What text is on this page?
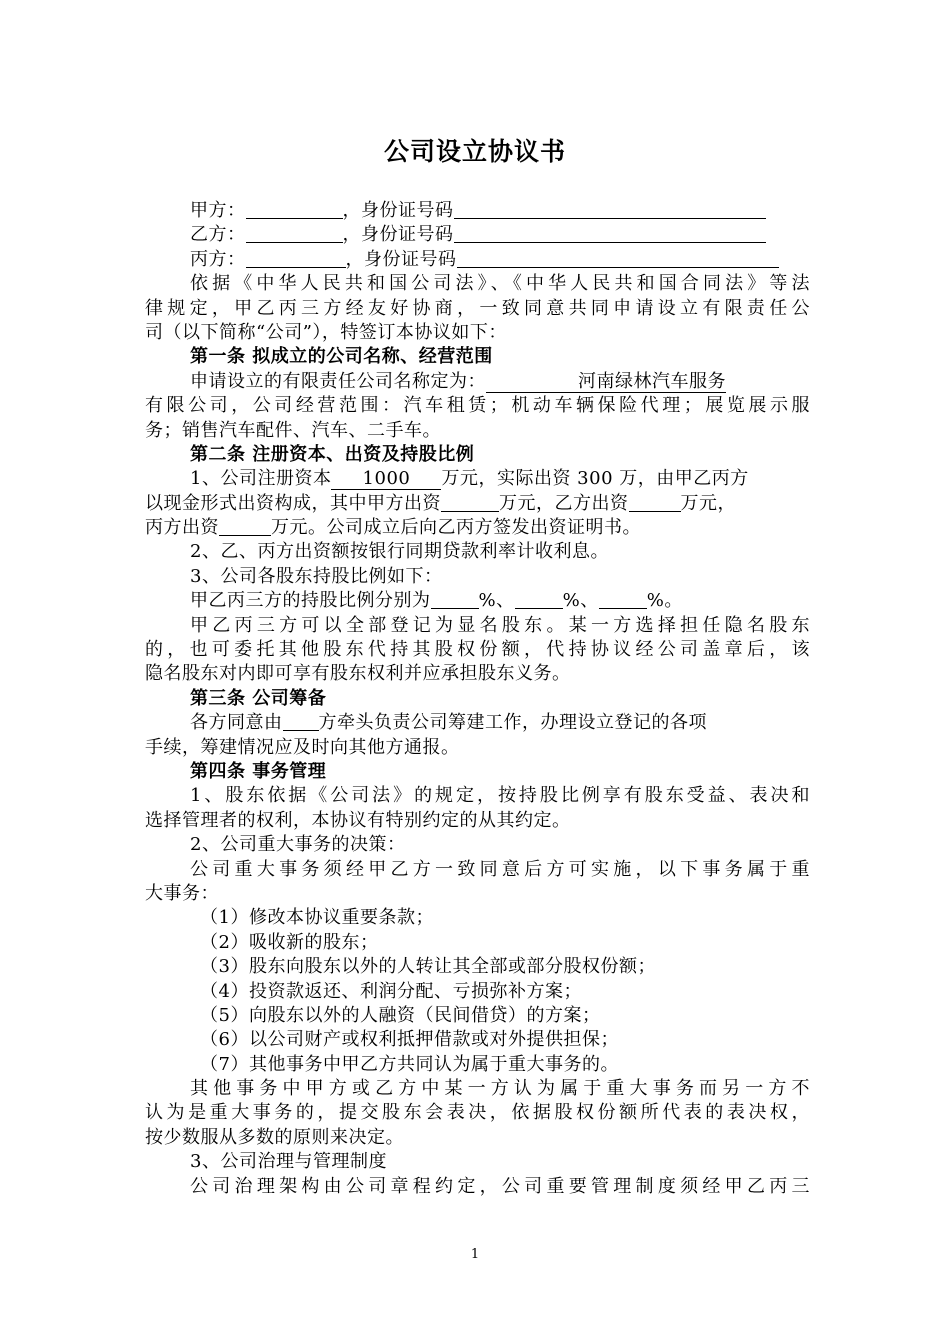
公司设立协议书
甲方：	，身份证号码
乙方：	，身份证号码
丙方：	，身份证号码
依据《中华人民共和国公司法》、《中华人民共和国合同法》等法
律规定，甲乙丙三方经友好协商，一致同意共同申请设立有限责任公
司（以下简称“公司”），特签订本协议如下：
第一条 拟成立的公司名称、经营范围
申请设立的有限责任公司名称定为：	河南绿林汽车服务
有限公司，公司经营范围：汽车租赁；机动车辆保险代理；展览展示服
务；销售汽车配件、汽车、二手车。
第二条 注册资本、出资及持股比例
1、公司注册资本 1000 万元，实际出资 300 万，由甲乙丙方
以现金形式出资构成，其中甲方出资	万元，乙方出资	万元，
丙方出资	万元。公司成立后向乙丙方签发出资证明书。
2、乙、丙方出资额按银行同期贷款利率计收利息。
3、公司各股东持股比例如下：
甲乙丙三方的持股比例分别为	%、	%、	%。
甲乙丙三方可以全部登记为显名股东。某一方选择担任隐名股东
的，也可委托其他股东代持其股权份额，代持协议经公司盖章后，该
隐名股东对内即可享有股东权利并应承担股东义务。
第三条 公司筹备
各方同意由 方牵头负责公司筹建工作，办理设立登记的各项
手续，筹建情况应及时向其他方通报。
第四条 事务管理
1、股东依据《公司法》的规定，按持股比例享有股东受益、表决和
选择管理者的权利，本协议有特别约定的从其约定。
2、公司重大事务的决策：
公司重大事务须经甲乙方一致同意后方可实施，以下事务属于重
大事务：
（1）修改本协议重要条款；
（2）吸收新的股东；
（3）股东向股东以外的人转让其全部或部分股权份额；
（4）投资款返还、利润分配、亏损弥补方案；
（5）向股东以外的人融资（民间借贷）的方案；
（6）以公司财产或权利抵押借款或对外提供担保；
（7）其他事务中甲乙方共同认为属于重大事务的。
其他事务中甲方或乙方中某一方认为属于重大事务而另一方不
认为是重大事务的，提交股东会表决，依据股权份额所代表的表决权，
按少数服从多数的原则来决定。
3、公司治理与管理制度
公司治理架构由公司章程约定，公司重要管理制度须经甲乙丙三
1
